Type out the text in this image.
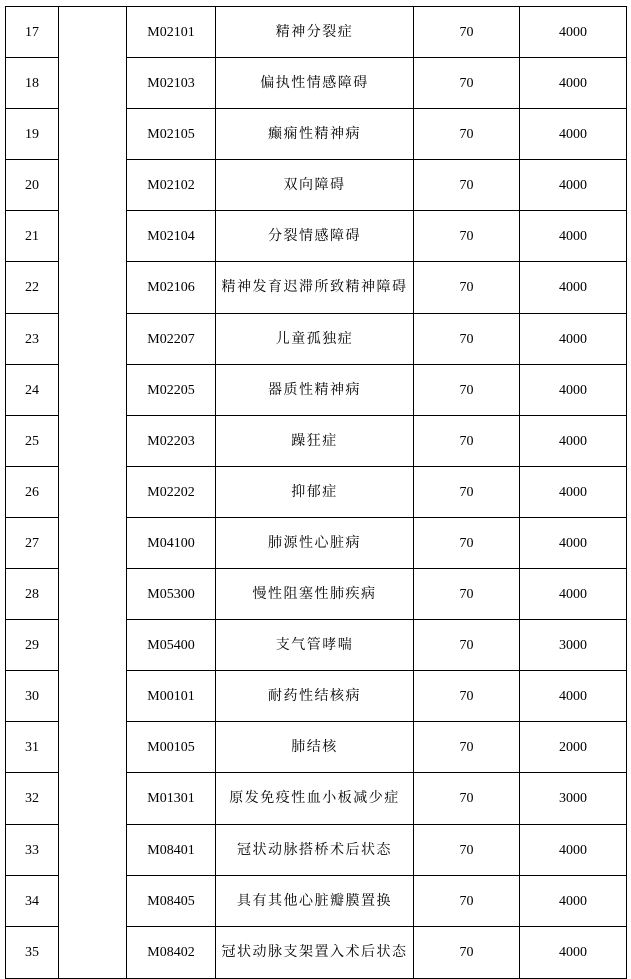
17		M02101	精神分裂症	70	4000
18		M02103	偏执性情感障碍	70	4000
19		M02105	癫痫性精神病	70	4000
20		M02102	双向障碍	70	4000
21		M02104	分裂情感障碍	70	4000
22		M02106	精神发育迟滞所致精神障碍	70	4000
23		M02207	儿童孤独症	70	4000
24		M02205	器质性精神病	70	4000
25		M02203	躁狂症	70	4000
26		M02202	抑郁症	70	4000
27		M04100	肺源性心脏病	70	4000
28		M05300	慢性阻塞性肺疾病	70	4000
29		M05400	支气管哮喘	70	3000
30		M00101	耐药性结核病	70	4000
31		M00105	肺结核	70	2000
32		M01301	原发免疫性血小板减少症	70	3000
33		M08401	冠状动脉搭桥术后状态	70	4000
34		M08405	具有其他心脏瓣膜置换	70	4000
35		M08402	冠状动脉支架置入术后状态	70	4000
